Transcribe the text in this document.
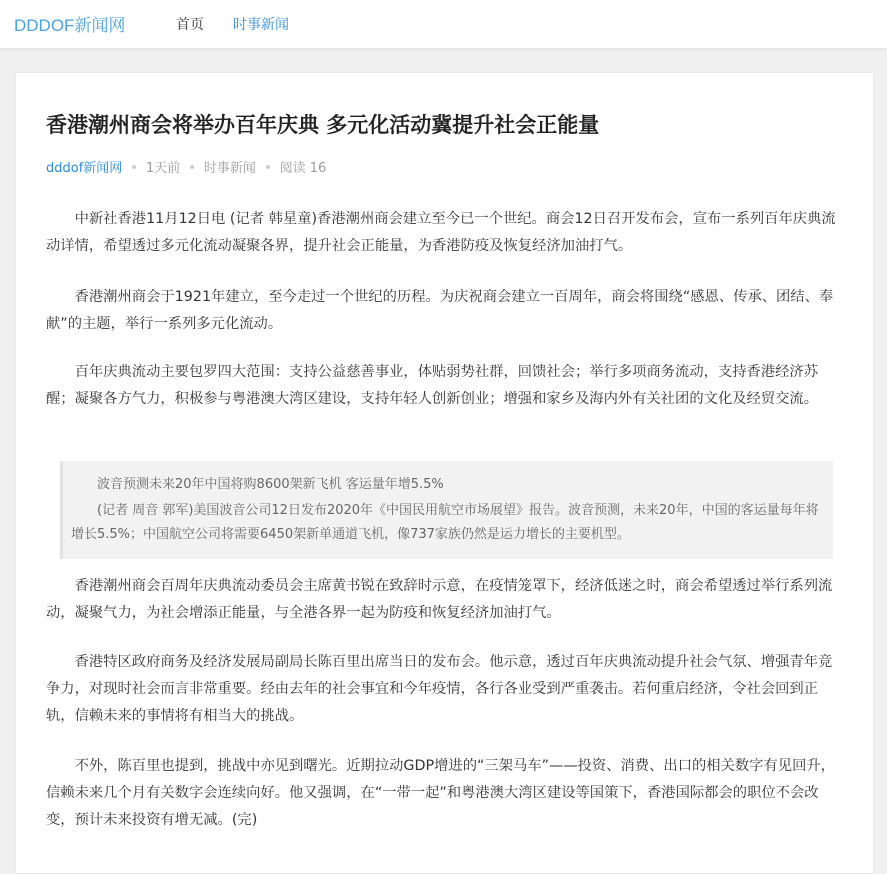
DDDOF新闻网	首页 时事新闻
香港潮州商会将举办百年庆典 多元化活动冀提升社会正能量
dddof新闻网 • 1天前 • 时事新闻 • 阅读 16

中新社香港11月12日电 (记者 韩星童)香港潮州商会建立至今已一个世纪。商会12日召开发布会，宣布一系列百年庆典流动详情，希望透过多元化流动凝聚各界，提升社会正能量，为香港防疫及恢复经济加油打气。

香港潮州商会于1921年建立，至今走过一个世纪的历程。为庆祝商会建立一百周年，商会将围绕“感恩、传承、团结、奉献”的主题，举行一系列多元化流动。

百年庆典流动主要包罗四大范围：支持公益慈善事业，体贴弱势社群，回馈社会；举行多项商务流动，支持香港经济苏醒；凝聚各方气力，积极参与粤港澳大湾区建设，支持年轻人创新创业；增强和家乡及海内外有关社团的文化及经贸交流。

波音预测未来20年中国将购8600架新飞机 客运量年增5.5%

(记者 周音 郭军)美国波音公司12日发布2020年《中国民用航空市场展望》报告。波音预测，未来20年，中国的客运量每年将增长5.5%；中国航空公司将需要6450架新单通道飞机，像737家族仍然是运力增长的主要机型。

香港潮州商会百周年庆典流动委员会主席黄书锐在致辞时示意，在疫情笼罩下，经济低迷之时，商会希望透过举行系列流动，凝聚气力，为社会增添正能量，与全港各界一起为防疫和恢复经济加油打气。

香港特区政府商务及经济发展局副局长陈百里出席当日的发布会。他示意，透过百年庆典流动提升社会气氛、增强青年竞争力，对现时社会而言非常重要。经由去年的社会事宜和今年疫情，各行各业受到严重袭击。若何重启经济，令社会回到正轨，信赖未来的事情将有相当大的挑战。

不外，陈百里也提到，挑战中亦见到曙光。近期拉动GDP增进的“三架马车”——投资、消费、出口的相关数字有见回升，信赖未来几个月有关数字会连续向好。他又强调，在“一带一起”和粤港澳大湾区建设等国策下，香港国际都会的职位不会改变，预计未来投资有增无减。(完)
